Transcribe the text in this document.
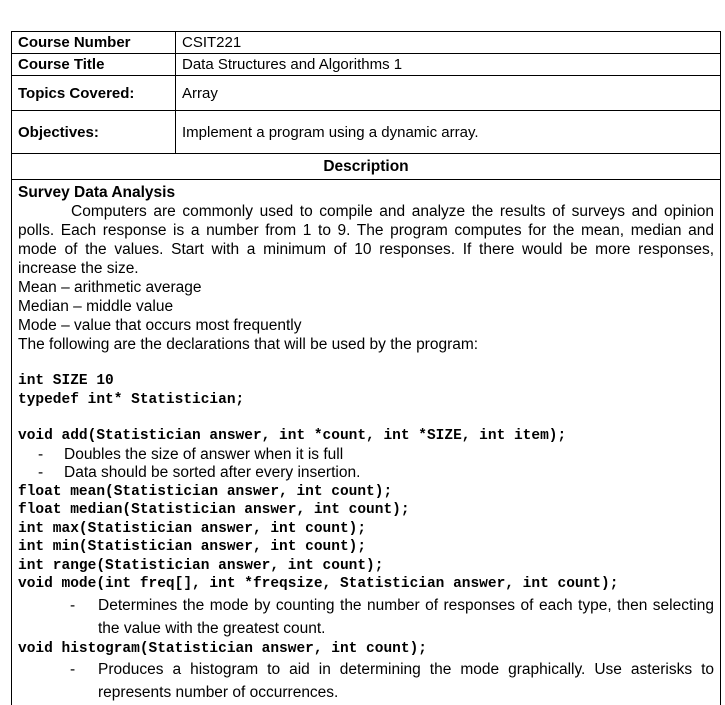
Course Number	CSIT221
Course Title	Data Structures and Algorithms 1
Topics Covered:	Array
Objectives:	Implement a program using a dynamic array.
Description
Survey Data Analysis
Computers are commonly used to compile and analyze the results of surveys and opinion polls. Each response is a number from 1 to 9. The program computes for the mean, median and mode of the values. Start with a minimum of 10 responses. If there would be more responses, increase the size.
Mean – arithmetic average
Median – middle value
Mode – value that occurs most frequently
The following are the declarations that will be used by the program:
int SIZE 10
typedef int* Statistician;
void add(Statistician answer, int *count, int *SIZE, int item);
-	Doubles the size of answer when it is full
-	Data should be sorted after every insertion.
float mean(Statistician answer, int count);
float median(Statistician answer, int count);
int max(Statistician answer, int count);
int min(Statistician answer, int count);
int range(Statistician answer, int count);
void mode(int freq[], int *freqsize, Statistician answer, int count);
-	Determines the mode by counting the number of responses of each type, then selecting the value with the greatest count.
void histogram(Statistician answer, int count);
-	Produces a histogram to aid in determining the mode graphically. Use asterisks to represents number of occurrences.
